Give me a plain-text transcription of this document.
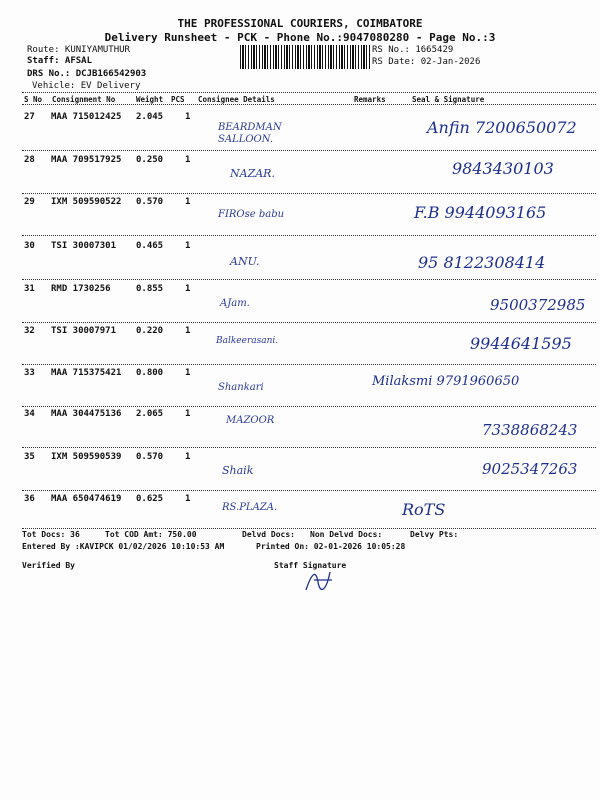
THE PROFESSIONAL COURIERS, COIMBATORE
Delivery Runsheet - PCK - Phone No.:9047080280 - Page No.:3
Route: KUNIYAMUTHUR
Staff: AFSAL
DRS No.: DCJB166542903
Vehicle: EV Delivery
RS No.: 1665429
RS Date: 02-Jan-2026
S No Consignment No	Weight PCS Consignee Details	Remarks	Seal & Signature
27 MAA 715012425 2.045 1
BEARDMAN SALLOON.
Anfin 7200650072
28 MAA 709517925 0.250 1
NAZAR.	9843430103
29 IXM 509590522 0.570 1
FIROse babu	F.B 9944093165
30 TSI 30007301 0.465 1
ANU.	95 8122308414
31 RMD 1730256	0.855 1
AJam.	9500372985
32 TSI 30007971 0.220 1
Balkeerasani.	9944641595
33 MAA 715375421 0.800 1
Shankari	Milaksmi 9791960650
34 MAA 304475136 2.065 1
MAZOOR
7338868243
35 IXM 509590539 0.570 1
Shaik	9025347263
36 MAA 650474619 0.625 1
RS.PLAZA.	RoTS
Tot Docs: 36	Tot COD Amt: 750.00	Delvd Docs: Non Delvd Docs:	Delvy Pts:
Entered By :KAVIPCK 01/02/2026 10:10:53 AM	Printed On: 02-01-2026 10:05:28
Verified By	Staff Signature
